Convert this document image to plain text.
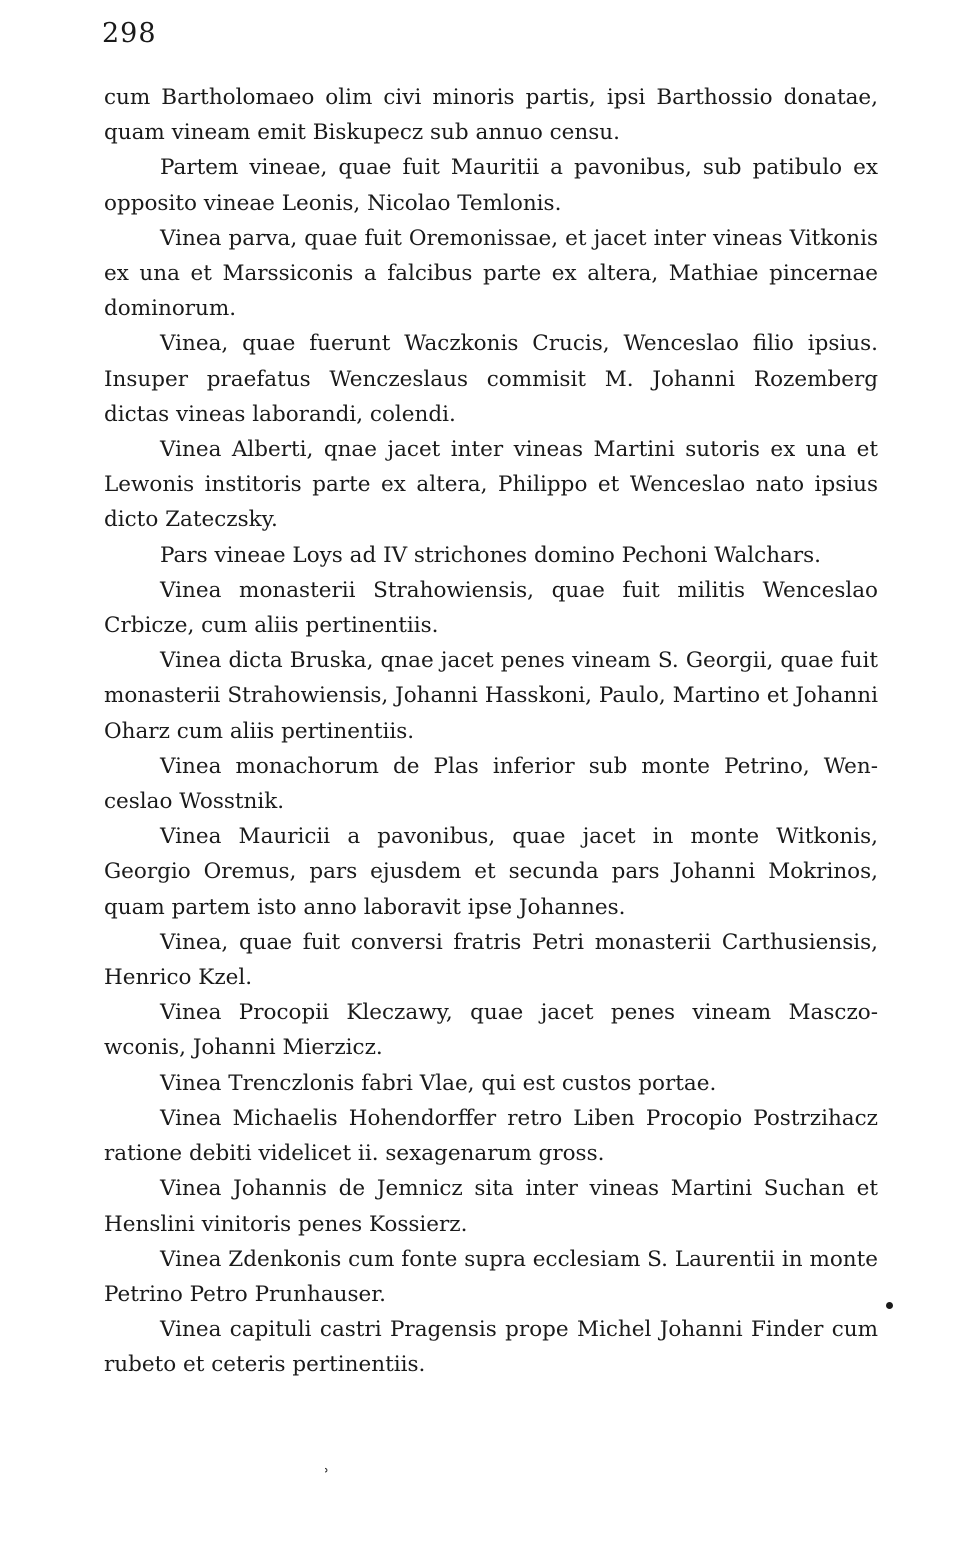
298

cum Bartholomaeo olim civi minoris partis, ipsi Barthossio donatae, quam vineam emit Biskupecz sub annuo censu.

Partem vineae, quae fuit Mauritii a pavonibus, sub patibulo ex opposito vineae Leonis, Nicolao Temlonis.

Vinea parva, quae fuit Oremonissae, et jacet inter vineas Vitkonis ex una et Marssiconis a falcibus parte ex altera, Mathiae pincernae dominorum.

Vinea, quae fuerunt Waczkonis Crucis, Wenceslao filio ipsius. Insuper praefatus Wenczeslaus commisit M. Johanni Rozemberg dictas vineas laborandi, colendi.

Vinea Alberti, qnae jacet inter vineas Martini sutoris ex una et Lewonis institoris parte ex altera, Philippo et Wenceslao nato ipsius dicto Zateczsky.

Pars vineae Loys ad IV strichones domino Pechoni Walchars.

Vinea monasterii Strahowiensis, quae fuit militis Wenceslao Crbicze, cum aliis pertinentiis.

Vinea dicta Bruska, qnae jacet penes vineam S. Georgii, quae fuit monasterii Strahowiensis, Johanni Hasskoni, Paulo, Martino et Johanni Oharz cum aliis pertinentiis.

Vinea monachorum de Plas inferior sub monte Petrino, Wenceslao Wosstnik.

Vinea Mauricii a pavonibus, quae jacet in monte Witkonis, Georgio Oremus, pars ejusdem et secunda pars Johanni Mokrinos, quam partem isto anno laboravit ipse Johannes.

Vinea, quae fuit conversi fratris Petri monasterii Carthusiensis, Henrico Kzel.

Vinea Procopii Kleczawy, quae jacet penes vineam Masczowconis, Johanni Mierzicz.

Vinea Trenczlonis fabri Vlae, qui est custos portae.

Vinea Michaelis Hohendorffer retro Liben Procopio Postrzihacz ratione debiti videlicet ii. sexagenarum gross.

Vinea Johannis de Jemnicz sita inter vineas Martini Suchan et Henslini vinitoris penes Kossierz.

Vinea Zdenkonis cum fonte supra ecclesiam S. Laurentii in monte Petrino Petro Prunhauser.

Vinea capituli castri Pragensis prope Michel Johanni Finder cum rubeto et ceteris pertinentiis.

˒
